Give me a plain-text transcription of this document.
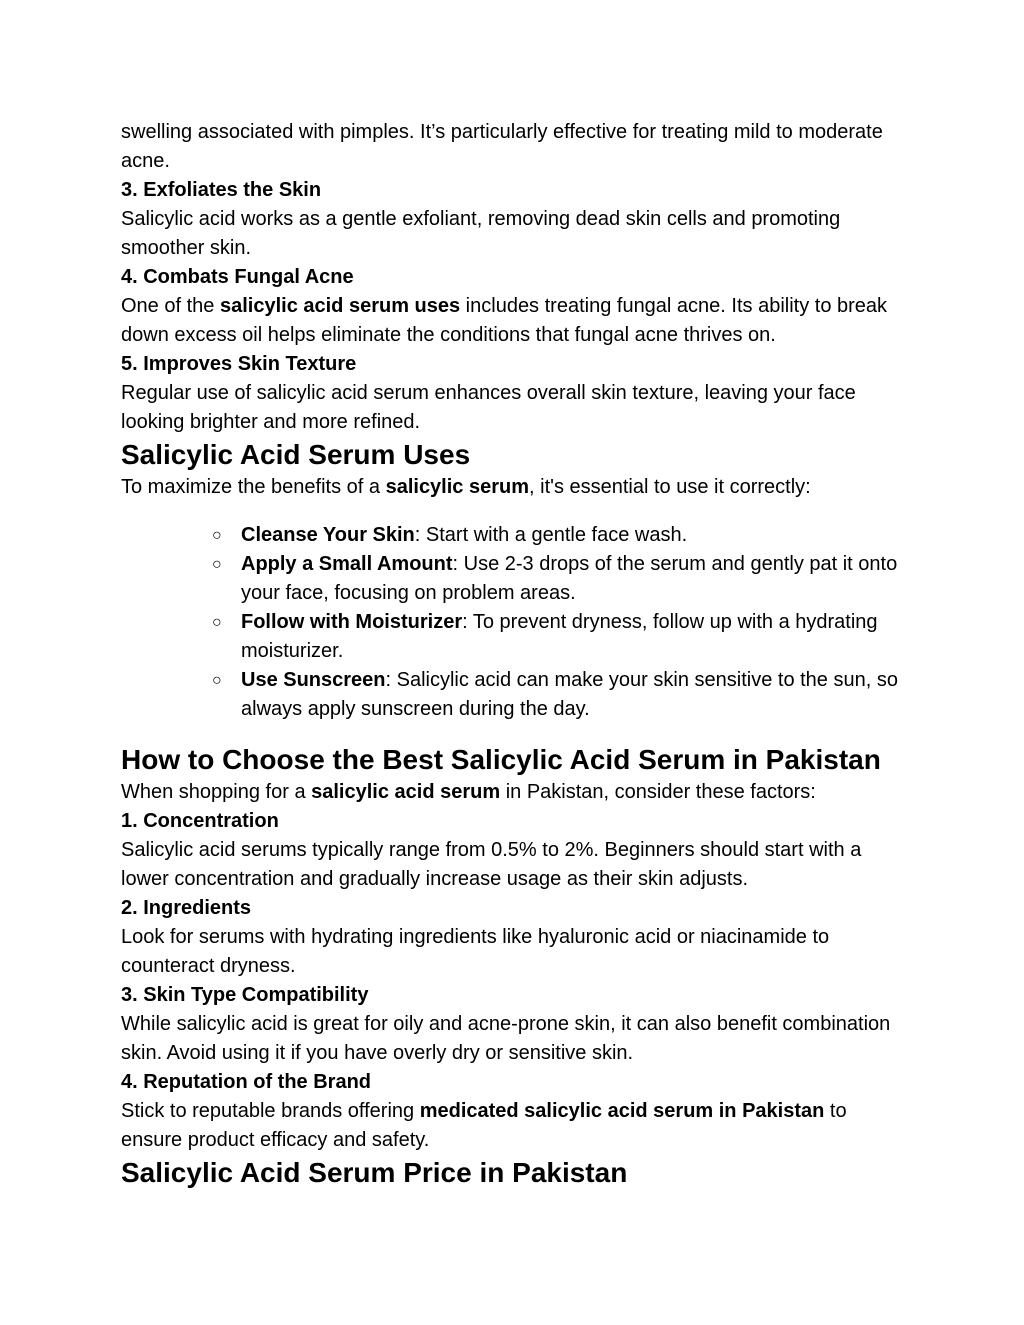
swelling associated with pimples. It’s particularly effective for treating mild to moderate acne.

3. Exfoliates the Skin

Salicylic acid works as a gentle exfoliant, removing dead skin cells and promoting smoother skin.

4. Combats Fungal Acne

One of the salicylic acid serum uses includes treating fungal acne. Its ability to break down excess oil helps eliminate the conditions that fungal acne thrives on.

5. Improves Skin Texture

Regular use of salicylic acid serum enhances overall skin texture, leaving your face looking brighter and more refined.

Salicylic Acid Serum Uses

To maximize the benefits of a salicylic serum, it's essential to use it correctly:

○ Cleanse Your Skin: Start with a gentle face wash.
○ Apply a Small Amount: Use 2-3 drops of the serum and gently pat it onto your face, focusing on problem areas.
○ Follow with Moisturizer: To prevent dryness, follow up with a hydrating moisturizer.
○ Use Sunscreen: Salicylic acid can make your skin sensitive to the sun, so always apply sunscreen during the day.
How to Choose the Best Salicylic Acid Serum in Pakistan

When shopping for a salicylic acid serum in Pakistan, consider these factors:

1. Concentration

Salicylic acid serums typically range from 0.5% to 2%. Beginners should start with a lower concentration and gradually increase usage as their skin adjusts.

2. Ingredients

Look for serums with hydrating ingredients like hyaluronic acid or niacinamide to counteract dryness.

3. Skin Type Compatibility

While salicylic acid is great for oily and acne-prone skin, it can also benefit combination skin. Avoid using it if you have overly dry or sensitive skin.

4. Reputation of the Brand

Stick to reputable brands offering medicated salicylic acid serum in Pakistan to ensure product efficacy and safety.

Salicylic Acid Serum Price in Pakistan
